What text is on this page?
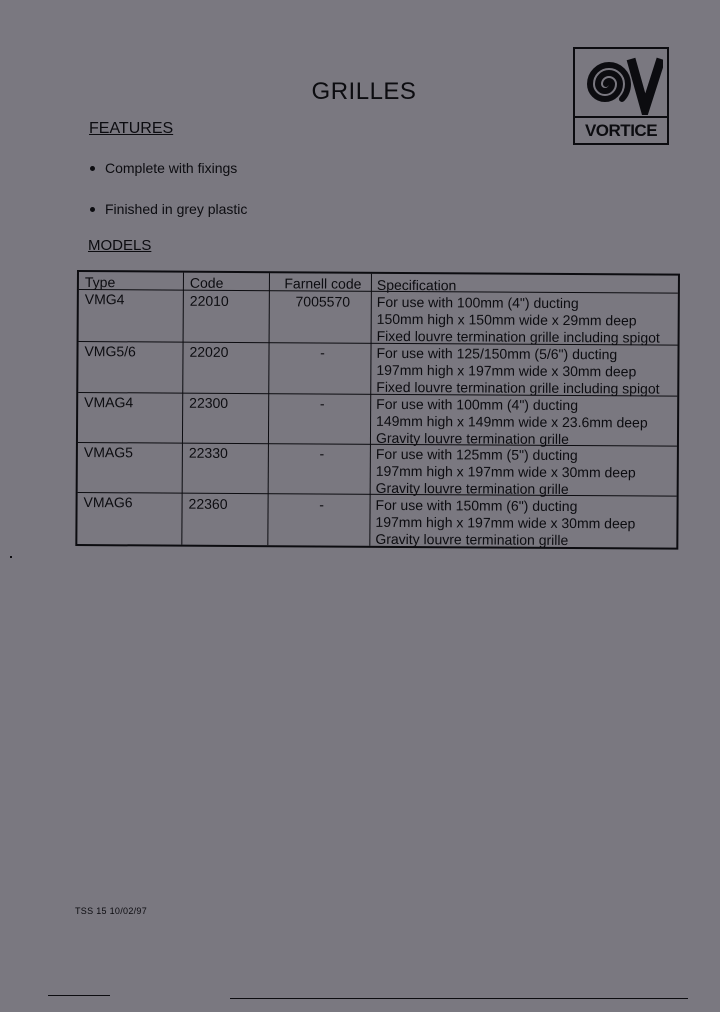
GRILLES
VORTICE
FEATURES
Complete with fixings
Finished in grey plastic
MODELS
Type	Code	Farnell code	Specification
VMG4	22010	7005570	For use with 100mm (4") ducting
150mm high x 150mm wide x 29mm deep
Fixed louvre termination grille including spigot
VMG5/6	22020	-	For use with 125/150mm (5/6") ducting
197mm high x 197mm wide x 30mm deep
Fixed louvre termination grille including spigot
VMAG4	22300	-	For use with 100mm (4") ducting
149mm high x 149mm wide x 23.6mm deep
Gravity louvre termination grille
VMAG5	22330	-	For use with 125mm (5") ducting
197mm high x 197mm wide x 30mm deep
Gravity louvre termination grille
VMAG6	22360	-	For use with 150mm (6") ducting
197mm high x 197mm wide x 30mm deep
Gravity louvre termination grille
TSS 15 10/02/97
